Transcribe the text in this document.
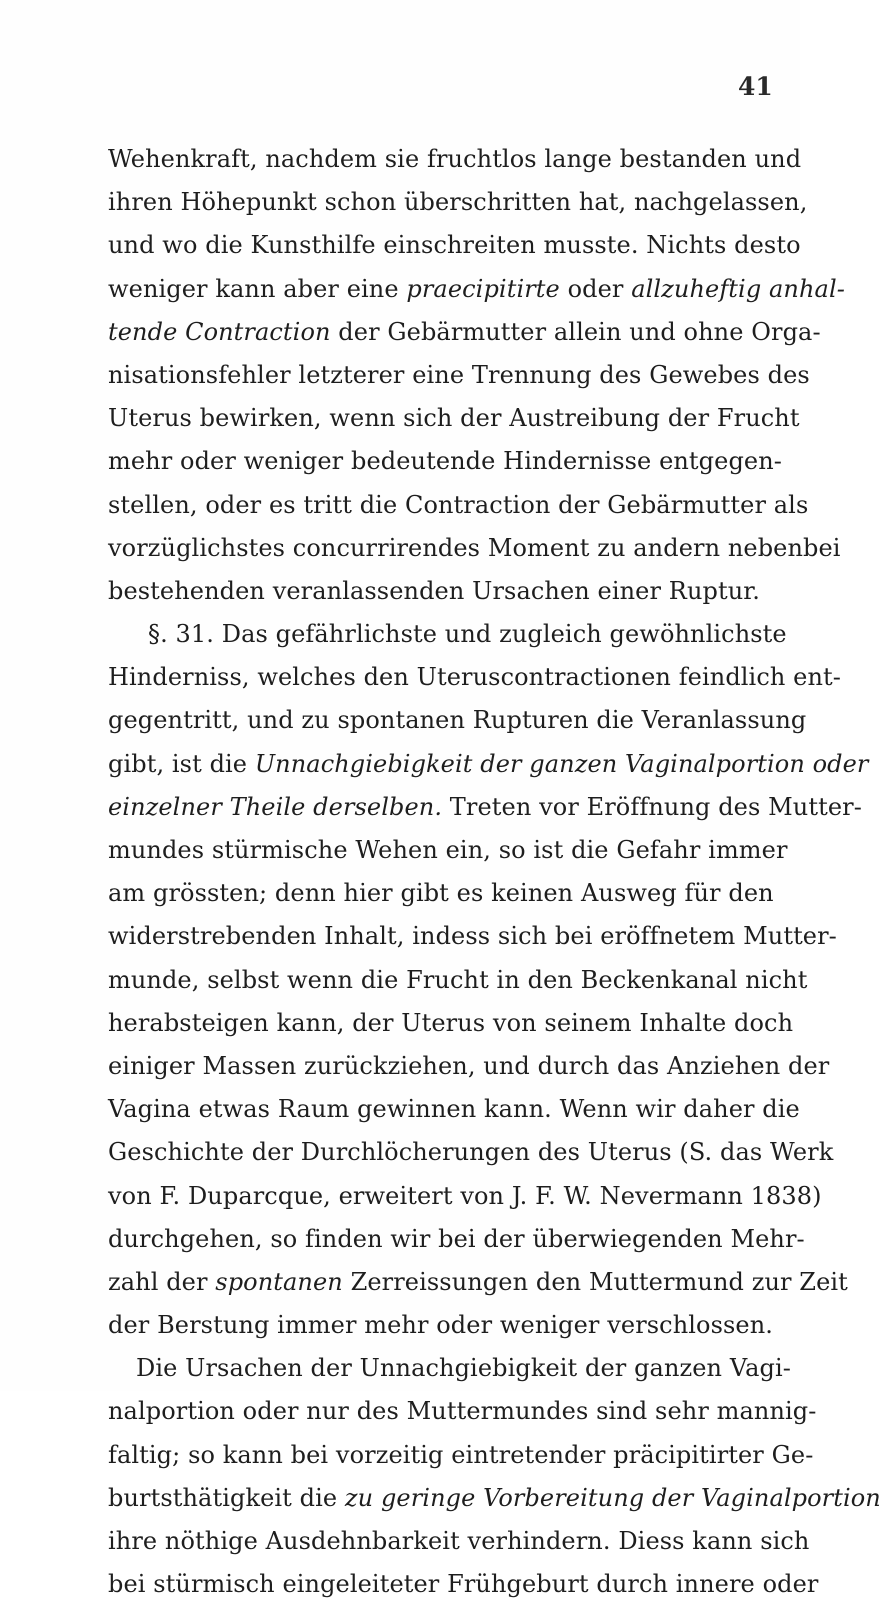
41
Wehenkraft, nachdem sie fruchtlos lange bestanden und
ihren Höhepunkt schon überschritten hat, nachgelassen,
und wo die Kunsthilfe einschreiten musste. Nichts desto
weniger kann aber eine praecipitirte oder allzuheftig anhal-
tende Contraction der Gebärmutter allein und ohne Orga-
nisationsfehler letzterer eine Trennung des Gewebes des
Uterus bewirken, wenn sich der Austreibung der Frucht
mehr oder weniger bedeutende Hindernisse entgegen-
stellen, oder es tritt die Contraction der Gebärmutter als
vorzüglichstes concurrirendes Moment zu andern nebenbei
bestehenden veranlassenden Ursachen einer Ruptur.
§. 31. Das gefährlichste und zugleich gewöhnlichste
Hinderniss, welches den Uteruscontractionen feindlich ent-
gegentritt, und zu spontanen Rupturen die Veranlassung
gibt, ist die Unnachgiebigkeit der ganzen Vaginalportion oder
einzelner Theile derselben. Treten vor Eröffnung des Mutter-
mundes stürmische Wehen ein, so ist die Gefahr immer
am grössten; denn hier gibt es keinen Ausweg für den
widerstrebenden Inhalt, indess sich bei eröffnetem Mutter-
munde, selbst wenn die Frucht in den Beckenkanal nicht
herabsteigen kann, der Uterus von seinem Inhalte doch
einiger Massen zurückziehen, und durch das Anziehen der
Vagina etwas Raum gewinnen kann. Wenn wir daher die
Geschichte der Durchlöcherungen des Uterus (S. das Werk
von F. Duparcque, erweitert von J. F. W. Nevermann 1838)
durchgehen, so finden wir bei der überwiegenden Mehr-
zahl der spontanen Zerreissungen den Muttermund zur Zeit
der Berstung immer mehr oder weniger verschlossen.
Die Ursachen der Unnachgiebigkeit der ganzen Vagi-
nalportion oder nur des Muttermundes sind sehr mannig-
faltig; so kann bei vorzeitig eintretender präcipitirter Ge-
burtsthätigkeit die zu geringe Vorbereitung der Vaginalportion
ihre nöthige Ausdehnbarkeit verhindern. Diess kann sich
bei stürmisch eingeleiteter Frühgeburt durch innere oder
